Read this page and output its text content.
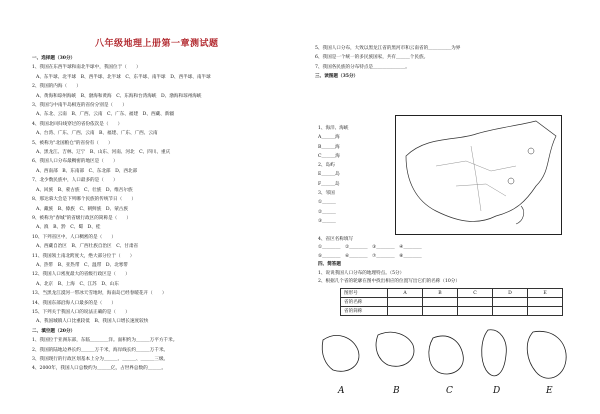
八年级地理上册第一章测试题
一、选择题（30分）
1、我国在东西半球和南北半球中，我国位于（　　）
A、东半球、北半球　B、西半球、北半球　C、东半球、南半球　D、西半球、南半球
2、我国的内海（　　）
A、黄海和琼州海峡　B、渤海和黄海　C、东海和台湾海峡　D、渤海和琼州海峡
3、我国与中南半岛相连的省份分别是（　　）
A、东北、云南　B、广西、云南　C、广东、福建　D、西藏、新疆
4、我国北回归线穿过的省份依次是（　　）
A、台湾、广东、广西、云南　B、福建、广东、广西、云南
5、被称为"北国粮仓"的省份有（　　）
A、黑龙江、吉林、辽宁　B、山东、河南、河北　C、四川、重庆
6、我国人口分布最稠密的地区是（　　）
A、西南部　B、东南部　C、东北部　D、西北部
7、北少数民族中，人口最多的是（　　）
A、回族　B、蒙古族　C、壮族　D、维吾尔族
8、那达慕大会是下列哪个民族的传统节日（　　）
A、藏族　B、傣族　C、朝鲜族　D、蒙古族
9、被称为"春城"的省级行政区的简称是（　　）
A、滇　B、黔　C、蜀　D、桂
10、下列省区中，人口稠密的是（　　）
A、西藏自治区　B、广西壮族自治区　C、甘肃省
11、我国领土南北跨度大，绝大部分位于（　　）
A、热带　B、亚热带　C、温带　D、北寒带
12、我国人口密度最大的省级行政区是（　　）
A、北京　B、上海　C、江苏　D、山东
13、当黑龙江漠河一带冰天雪地时，海南岛已经春暖花开（　　）
14、我国东部沿海人口最多的是（　　）
15、下列关于我国人口的说法正确的是（　　）
A、我国城镇人口比重较低　B、我国人口增长速度较快
二、填空题（20分）
1、我国位于亚洲东部，东临＿＿＿＿洋。面积约为＿＿＿万平方千米。
2、我国的陆地边界长约＿＿＿万千米，海岸线长约＿＿＿万千米。
3、我国现行的行政区划基本上分为＿＿＿、＿＿＿、＿＿＿三级。
4、2000年，我国人口总数约为＿＿＿亿，占世界总数的＿＿＿。
5、我国人口分布，大致以黑龙江省的黑河市和云南省的＿＿＿＿＿为界
6、我国是一个统一的多民族国家，共有＿＿＿个民族。
7、我国各民族的分布特点是＿＿＿＿＿＿＿。
三、读图题（35分）
1、海洋、海峡
A＿＿＿海
B＿＿＿海
C＿＿＿海
2、岛屿
E＿＿＿岛
F＿＿＿岛
3、邻国
①＿＿＿
②＿＿＿
③＿＿＿
4、省区名称填写
①＿＿＿＿　②＿＿＿＿　③＿＿＿＿　④＿＿＿＿
⑤＿＿＿＿　⑥＿＿＿＿　⑦＿＿＿＿　⑧＿＿＿＿
四、简答题
1、说说我国人口分布的地理特点。（5分）
2、根据几个省的轮廓在图中找出相应的位置写出它们的名称（10分）
图形号	A	B	C	D	E
省的名称					
省的简称					
A	B	C	D	E
